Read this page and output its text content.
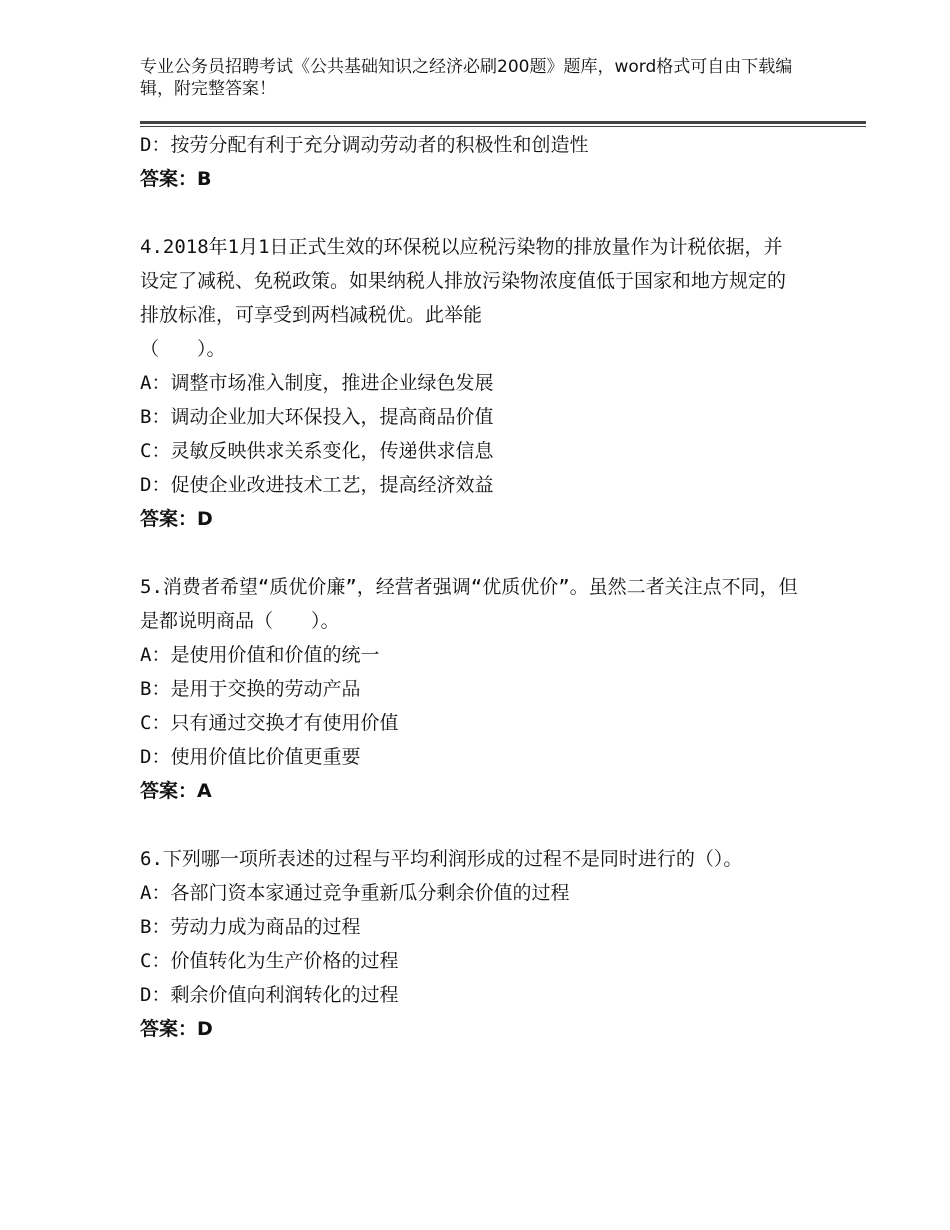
专业公务员招聘考试《公共基础知识之经济必刷200题》题库，word格式可自由下载编辑，附完整答案！
D：按劳分配有利于充分调动劳动者的积极性和创造性
答案：B
4.2018年1月1日正式生效的环保税以应税污染物的排放量作为计税依据，并设定了减税、免税政策。如果纳税人排放污染物浓度值低于国家和地方规定的排放标准，可享受到两档减税优。此举能
（　　）。
A：调整市场准入制度，推进企业绿色发展
B：调动企业加大环保投入，提高商品价值
C：灵敏反映供求关系变化，传递供求信息
D：促使企业改进技术工艺，提高经济效益
答案：D
5.消费者希望“质优价廉”，经营者强调“优质优价”。虽然二者关注点不同，但是都说明商品（　　）。
A：是使用价值和价值的统一
B：是用于交换的劳动产品
C：只有通过交换才有使用价值
D：使用价值比价值更重要
答案：A
6.下列哪一项所表述的过程与平均利润形成的过程不是同时进行的（）。
A：各部门资本家通过竞争重新瓜分剩余价值的过程
B：劳动力成为商品的过程
C：价值转化为生产价格的过程
D：剩余价值向利润转化的过程
答案：D
